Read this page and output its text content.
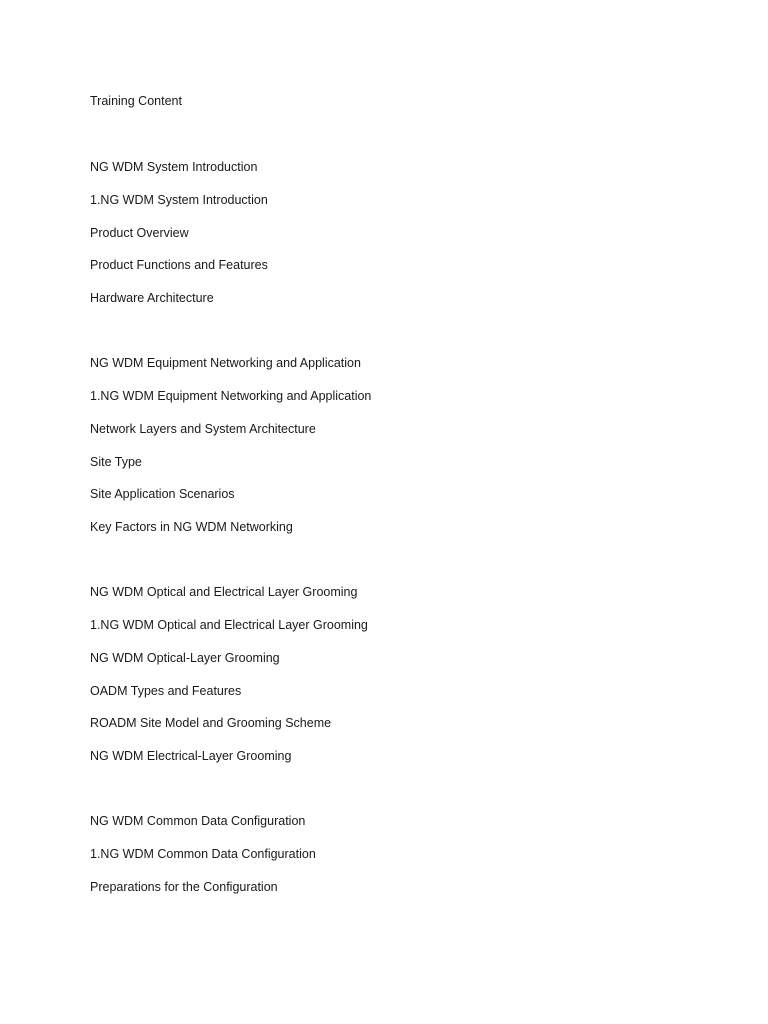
Training Content

NG WDM System Introduction

1.NG WDM System Introduction

Product Overview

Product Functions and Features

Hardware Architecture

NG WDM Equipment Networking and Application

1.NG WDM Equipment Networking and Application

Network Layers and System Architecture

Site Type

Site Application Scenarios

Key Factors in NG WDM Networking

NG WDM Optical and Electrical Layer Grooming

1.NG WDM Optical and Electrical Layer Grooming

NG WDM Optical-Layer Grooming

OADM Types and Features

ROADM Site Model and Grooming Scheme

NG WDM Electrical-Layer Grooming

NG WDM Common Data Configuration

1.NG WDM Common Data Configuration

Preparations for the Configuration
